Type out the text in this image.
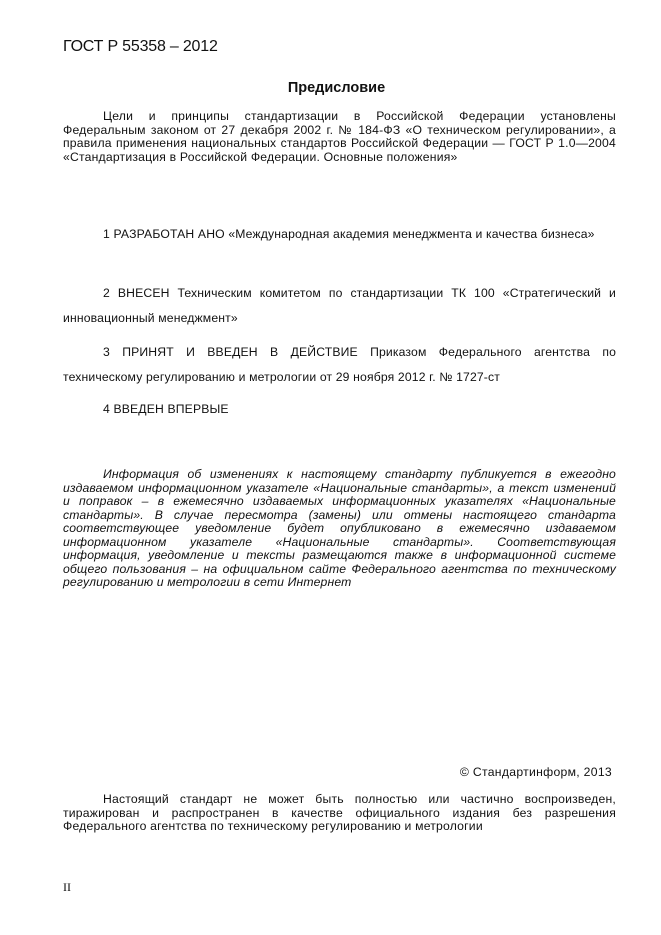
ГОСТ Р 55358 – 2012
Предисловие
Цели и принципы стандартизации в Российской Федерации установлены Федеральным законом от 27 декабря 2002 г. № 184-ФЗ «О техническом регулировании», а правила применения национальных стандартов Российской Федерации — ГОСТ Р 1.0—2004 «Стандартизация в Российской Федерации. Основные положения»
1 РАЗРАБОТАН АНО «Международная академия менеджмента и качества бизнеса»
2 ВНЕСЕН Техническим комитетом по стандартизации ТК 100 «Стратегический и инновационный менеджмент»
3 ПРИНЯТ И ВВЕДЕН В ДЕЙСТВИЕ Приказом Федерального агентства по техническому регулированию и метрологии от 29 ноября 2012 г. № 1727-ст
4 ВВЕДЕН ВПЕРВЫЕ
Информация об изменениях к настоящему стандарту публикуется в ежегодно издаваемом информационном указателе «Национальные стандарты», а текст изменений и поправок – в ежемесячно издаваемых информационных указателях «Национальные стандарты». В случае пересмотра (замены) или отмены настоящего стандарта соответствующее уведомление будет опубликовано в ежемесячно издаваемом информационном указателе «Национальные стандарты». Соответствующая информация, уведомление и тексты размещаются также в информационной системе общего пользования – на официальном сайте Федерального агентства по техническому регулированию и метрологии в сети Интернет
© Стандартинформ, 2013
Настоящий стандарт не может быть полностью или частично воспроизведен, тиражирован и распространен в качестве официального издания без разрешения Федерального агентства по техническому регулированию и метрологии
II
